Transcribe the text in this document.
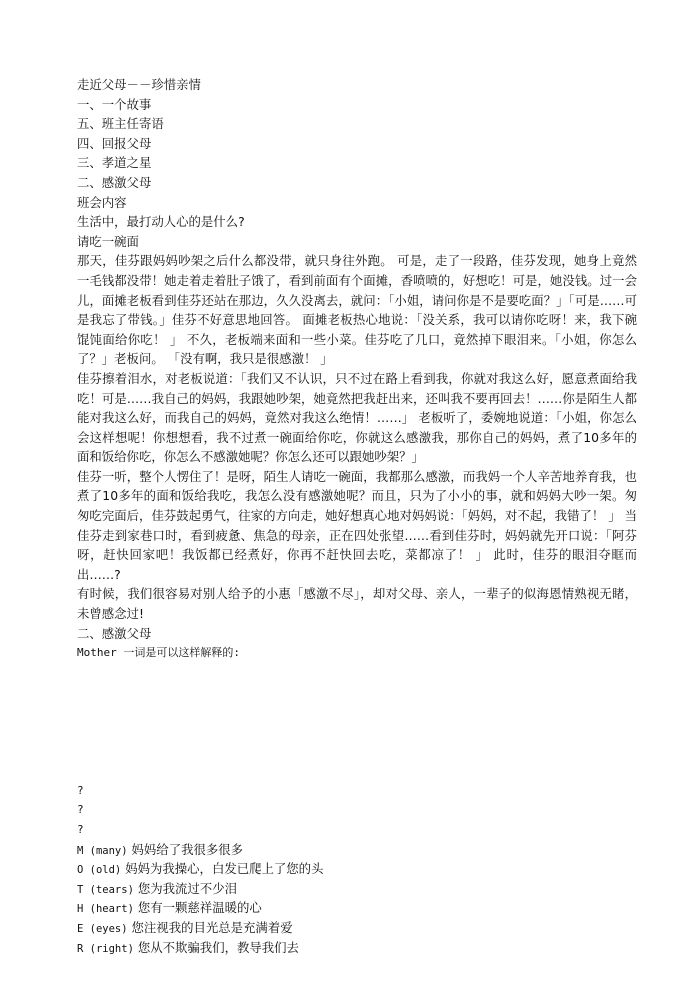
走近父母－－珍惜亲情
一、一个故事
五、班主任寄语
四、回报父母
三、孝道之星
二、感激父母
班会内容
生活中，最打动人心的是什么?
请吃一碗面
那天，佳芬跟妈妈吵架之后什么都没带，就只身往外跑。 可是，走了一段路，佳芬发现，她身上竟然一毛钱都没带！她走着走着肚子饿了，看到前面有个面摊，香喷喷的，好想吃！可是，她没钱。过一会儿，面摊老板看到佳芬还站在那边，久久没离去，就问：「小姐，请问你是不是要吃面？」「可是……可是我忘了带钱。」佳芬不好意思地回答。 面摊老板热心地说：「没关系，我可以请你吃呀！来，我下碗馄饨面给你吃！ 」 不久，老板端来面和一些小菜。佳芬吃了几口，竟然掉下眼泪来。「小姐，你怎么了？」老板问。 「没有啊，我只是很感激！ 」
佳芬擦着泪水，对老板说道：「我们又不认识，只不过在路上看到我，你就对我这么好，愿意煮面给我吃！可是……我自己的妈妈，我跟她吵架，她竟然把我赶出来，还叫我不要再回去！……你是陌生人都能对我这么好，而我自己的妈妈，竟然对我这么绝情！……」 老板听了，委婉地说道：「小姐，你怎么会这样想呢！你想想看，我不过煮一碗面给你吃，你就这么感激我，那你自己的妈妈，煮了10多年的面和饭给你吃，你怎么不感激她呢？你怎么还可以跟她吵架？」
佳芬一听，整个人愣住了！是呀，陌生人请吃一碗面，我都那么感激，而我妈一个人辛苦地养育我，也煮了10多年的面和饭给我吃，我怎么没有感激她呢？而且，只为了小小的事，就和妈妈大吵一架。匆匆吃完面后，佳芬鼓起勇气，往家的方向走，她好想真心地对妈妈说：「妈妈，对不起，我错了！ 」 当佳芬走到家巷口时，看到疲惫、焦急的母亲，正在四处张望……看到佳芬时，妈妈就先开口说：「阿芬呀，赶快回家吧！我饭都已经煮好，你再不赶快回去吃，菜都凉了！ 」 此时，佳芬的眼泪夺眶而出……?
有时候，我们很容易对别人给予的小惠「感激不尽」，却对父母、亲人，一辈子的似海恩情熟视无睹，未曾感念过!
二、感激父母
Mother 一词是可以这样解释的:
?
?
?
M (many) 妈妈给了我很多很多
O (old) 妈妈为我操心，白发已爬上了您的头
T (tears) 您为我流过不少泪
H (heart) 您有一颗慈祥温暖的心
E (eyes) 您注视我的目光总是充满着爱
R (right) 您从不欺骗我们，教导我们去
